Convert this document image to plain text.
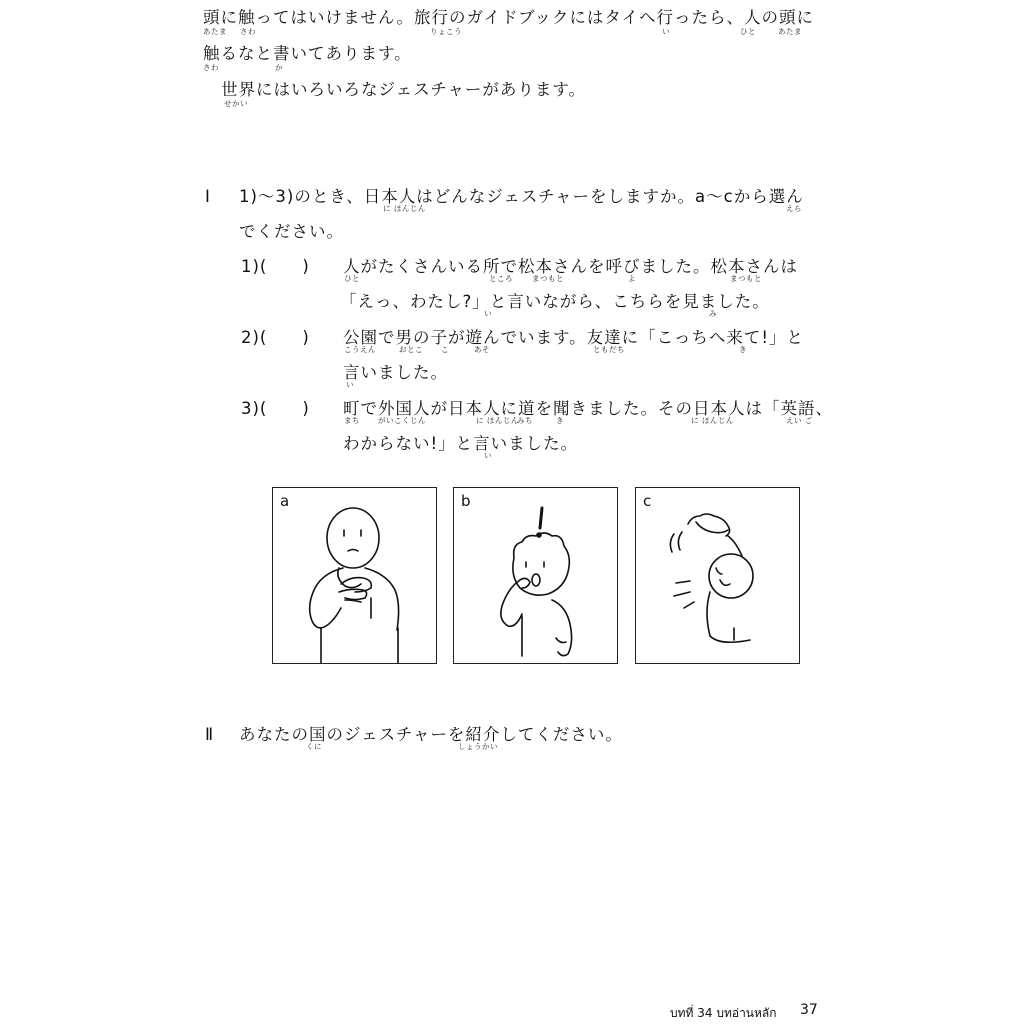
頭に触ってはいけません。旅行のガイドブックにはタイへ行ったら、人の頭に
あたま さわ	りょこう	い	ひと	あたま
触るなと書いてあります。
さわ	か
世界にはいろいろなジェスチャーがあります。
せかい
Ⅰ 1)〜3)のとき、日本人はどんなジェスチャーをしますか。a〜cから選ん
に ほんじん	えら
でください。
1)(　　) 人がたくさんいる所で松本さんを呼びました。松本さんは
ひと	ところ	まつもと	よ	まつもと
「えっ、わたし?」と言いながら、こちらを見ました。
い	み
2)(　　) 公園で男の子が遊んでいます。友達に「こっちへ来て!」と
こうえん	おとこ こ	あそ	ともだち	き
言いました。
い
3)(　　) 町で外国人が日本人に道を聞きました。その日本人は「英語、
まち がいこくじん	に ほんじん
みち	き	に ほんじん	えい ご
わからない!」と言いました。
い
a	b	c
Ⅱ あなたの国のジェスチャーを紹介してください。
くに	しょうかい
บทที่ 34 บทอ่านหลัก 37
